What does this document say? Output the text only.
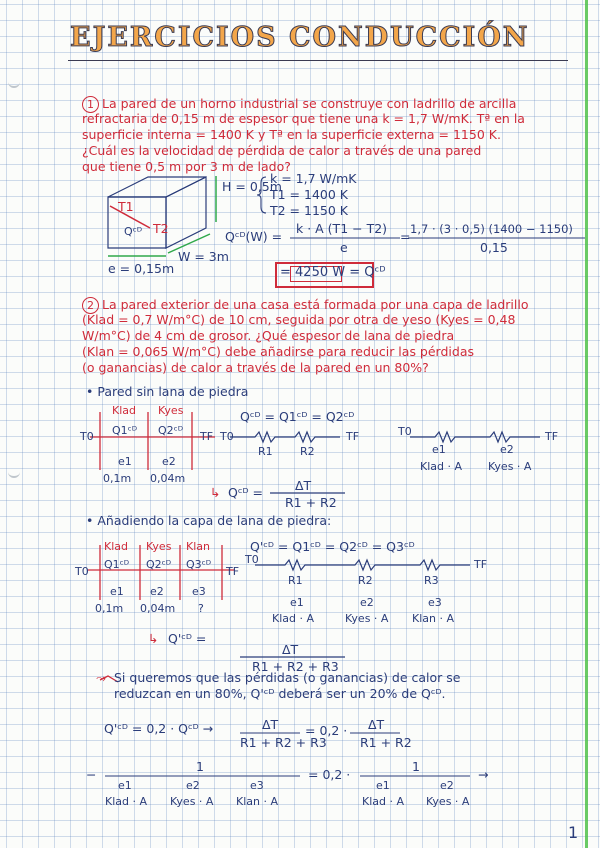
EJERCICIOS CONDUCCIÓN
1 La pared de un horno industrial se construye con ladrillo de arcilla
refractaria de 0,15 m de espesor que tiene una k = 1,7 W/mK. Tª en la
superficie interna = 1400 K y Tª en la superficie externa = 1150 K.
¿Cuál es la velocidad de pérdida de calor a través de una pared
que tiene 0,5 m por 3 m de lado?
T1
T2
Qᶜᴰ
H = 0,5m
W = 3m
e = 0,15m
k = 1,7 W/mK
T1 = 1400 K
T2 = 1150 K
Qᶜᴰ(W) =
k · A (T1 − T2)
e
= 1,7 · (3 · 0,5) (1400 − 1150)
0,15
= 4250 W = Qᶜᴰ
2 La pared exterior de una casa está formada por una capa de ladrillo
(Klad = 0,7 W/m°C) de 10 cm, seguida por otra de yeso (Kyes = 0,48
W/m°C) de 4 cm de grosor. ¿Qué espesor de lana de piedra
(Klan = 0,065 W/m°C) debe añadirse para reducir las pérdidas
(o ganancias) de calor a través de la pared en un 80%?
• Pared sin lana de piedra
Klad Kyes
Q1ᶜᴰ Q2ᶜᴰ
T0	TF
e1	e2
0,1m 0,04m
Qᶜᴰ = Q1ᶜᴰ = Q2ᶜᴰ
T0	TF
R1 R2
T0	TF
e1
Klad · A
e2
Kyes · A
↳ Qᶜᴰ =	ΔT
R1 + R2
• Añadiendo la capa de lana de piedra:
Klad Kyes Klan
Q1ᶜᴰ Q2ᶜᴰ Q3ᶜᴰ
T0	TF
e1 e2	e3
0,1m 0,04m ?
Q'ᶜᴰ = Q1ᶜᴰ = Q2ᶜᴰ = Q3ᶜᴰ
T0	TF
R1	R2	R3
e1
Klad · A
e2
Kyes · A
e3
Klan · A
↳ Q'ᶜᴰ =
ΔT
R1 + R2 + R3
⤳ Si queremos que las pérdidas (o ganancias) de calor se
reduzcan en un 80%, Q'ᶜᴰ deberá ser un 20% de Qᶜᴰ.
Q'ᶜᴰ = 0,2 · Qᶜᴰ →	ΔT
R1 + R2 + R3
= 0,2 · ΔT
R1 + R2
−
1
e1
Klad · A
e2
Kyes · A
e3
Klan · A
= 0,2 ·
1
e1
Klad · A
e2
Kyes · A
→
1
